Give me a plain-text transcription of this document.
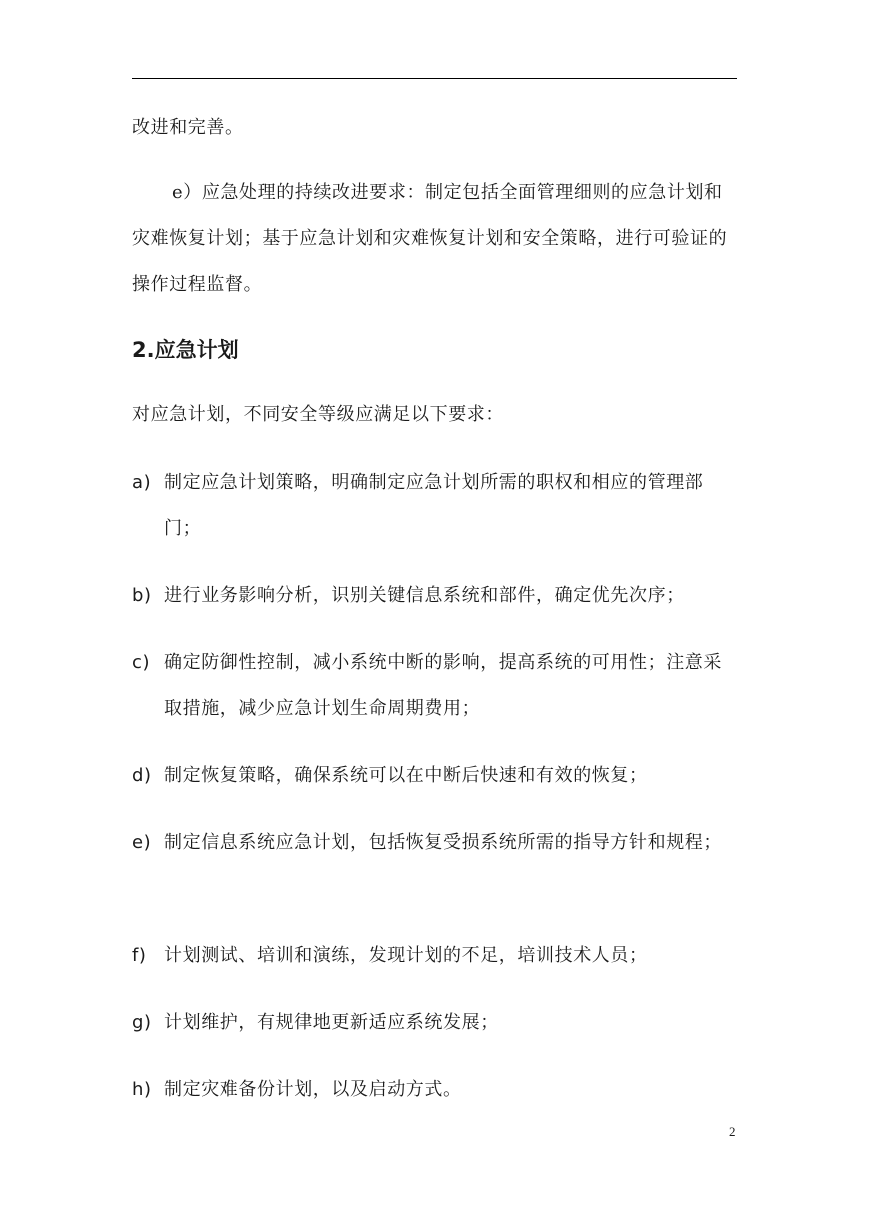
改进和完善。

e）应急处理的持续改进要求：制定包括全面管理细则的应急计划和灾难恢复计划；基于应急计划和灾难恢复计划和安全策略，进行可验证的操作过程监督。

2.应急计划

对应急计划，不同安全等级应满足以下要求：

a) 制定应急计划策略，明确制定应急计划所需的职权和相应的管理部门；
b) 进行业务影响分析，识别关键信息系统和部件，确定优先次序；
c) 确定防御性控制，减小系统中断的影响，提高系统的可用性；注意采取措施，减少应急计划生命周期费用；
d) 制定恢复策略，确保系统可以在中断后快速和有效的恢复；
e) 制定信息系统应急计划，包括恢复受损系统所需的指导方针和规程；
f) 计划测试、培训和演练，发现计划的不足，培训技术人员；
g) 计划维护，有规律地更新适应系统发展；
h) 制定灾难备份计划，以及启动方式。
2
